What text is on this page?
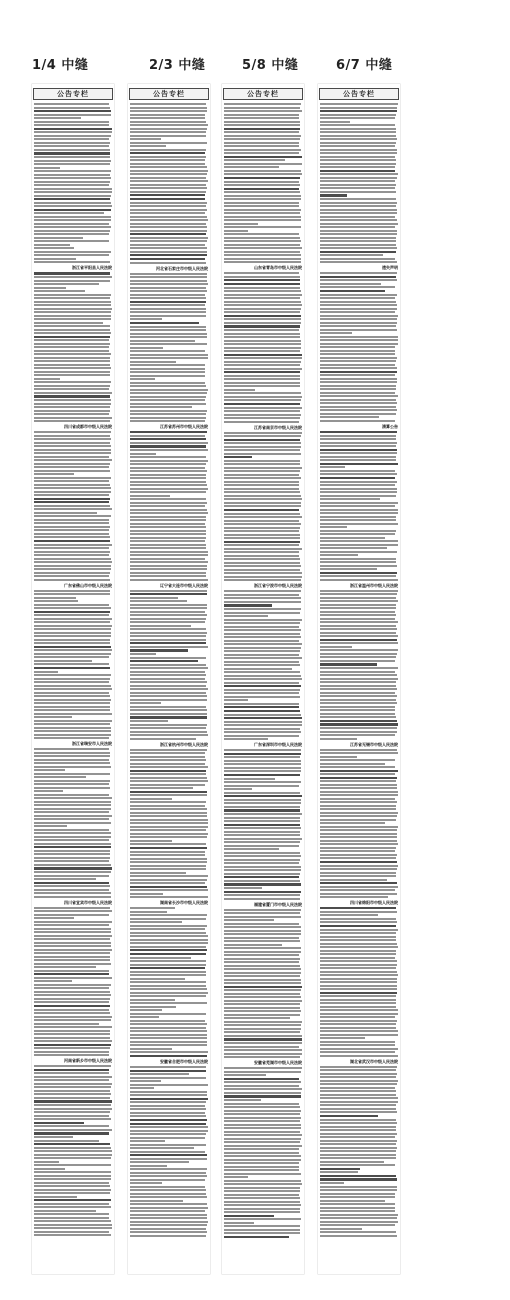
1/4 中缝	2/3 中缝	5/8 中缝	6/7 中缝
公告专栏
浙江省平阳县人民法院
四川省成都市中级人民法院
广东省佛山市中级人民法院
浙江省瑞安市人民法院
四川省宜宾市中级人民法院
河南省新乡市中级人民法院
公告专栏
河北省石家庄市中级人民法院
江苏省苏州市中级人民法院
辽宁省大连市中级人民法院
浙江省杭州市中级人民法院
湖南省长沙市中级人民法院
安徽省合肥市中级人民法院
公告专栏
山东省青岛市中级人民法院
江苏省南京市中级人民法院
浙江省宁波市中级人民法院
广东省深圳市中级人民法院
福建省厦门市中级人民法院
安徽省芜湖市中级人民法院
公告专栏
遗失声明
清算公告
浙江省温州市中级人民法院
江苏省无锡市中级人民法院
四川省绵阳市中级人民法院
湖北省武汉市中级人民法院
